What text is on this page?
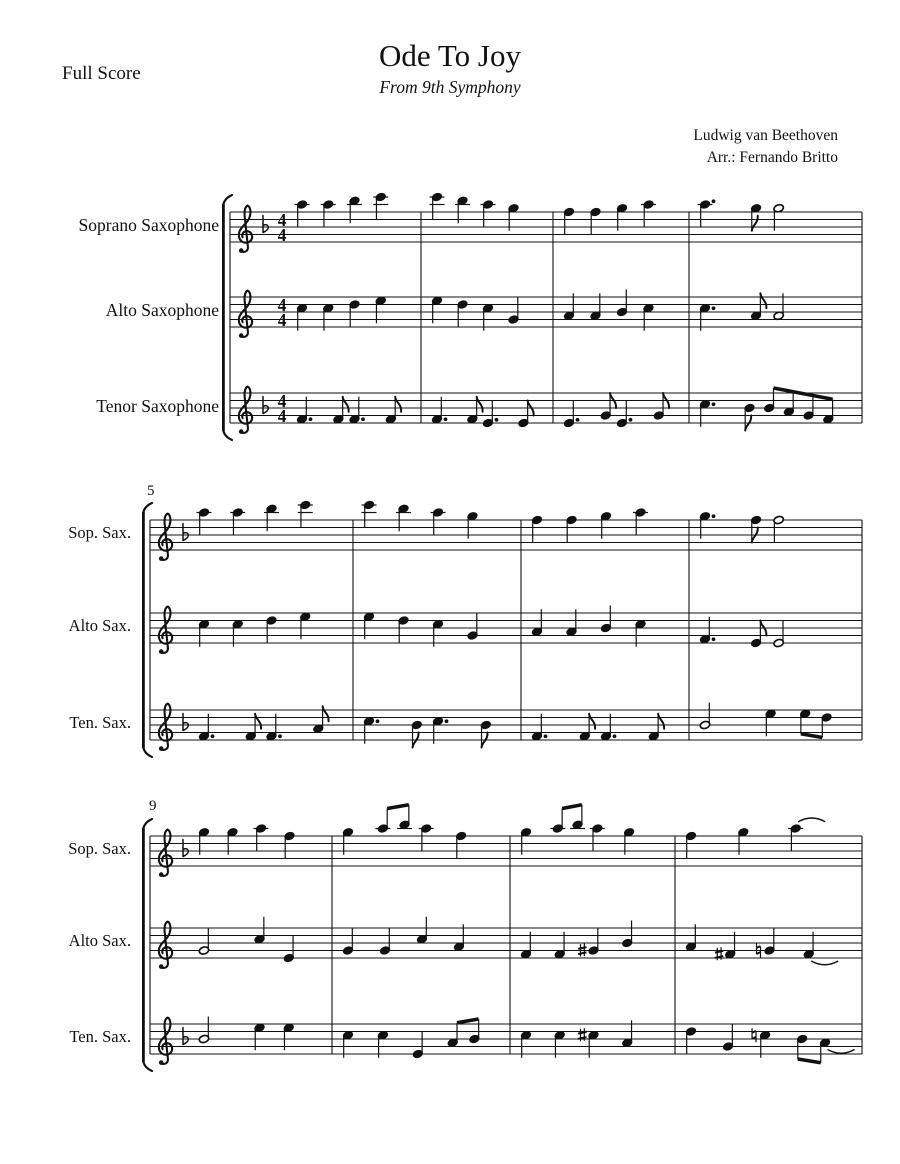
4
4
4
4
4
4
Full Score
Ode To Joy
From 9th Symphony
Ludwig van Beethoven
Arr.: Fernando Britto
Soprano Saxophone
Alto Saxophone
Tenor Saxophone
Sop. Sax.
Alto Sax.
Ten. Sax.
Sop. Sax.
Alto Sax.
Ten. Sax.
5
9
